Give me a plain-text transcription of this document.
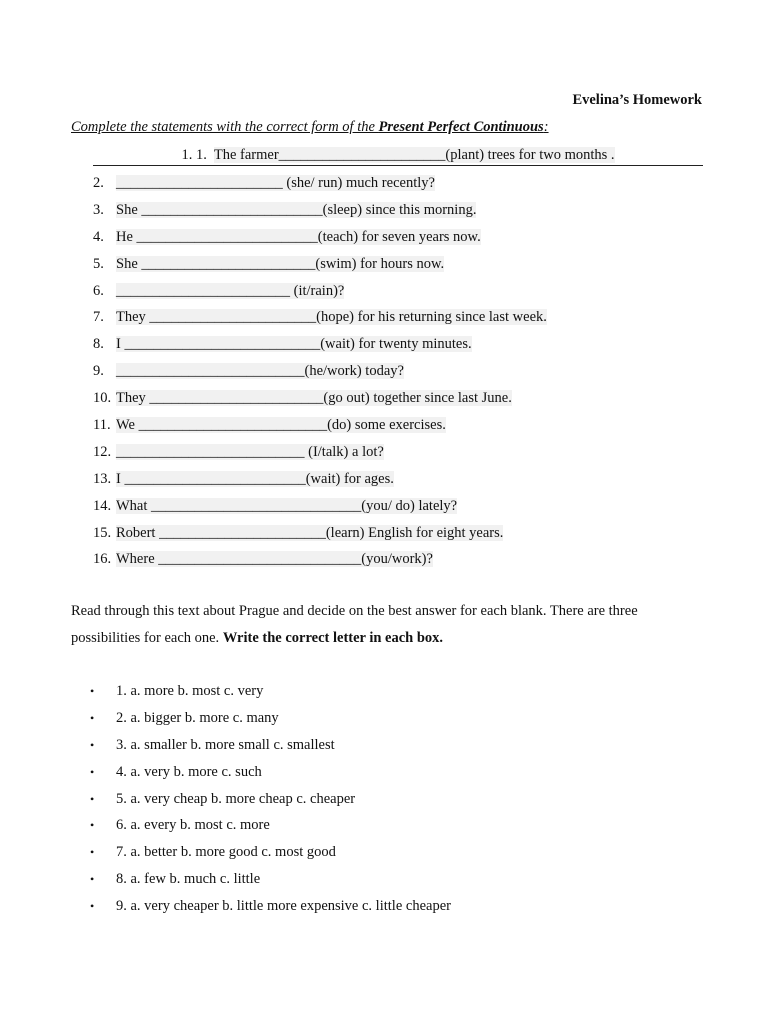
Evelina’s Homework
Complete the statements with the correct form of the Present Perfect Continuous:
1. 1. The farmer_______________________(plant) trees for two months .
2. _______________________ (she/ run) much recently?
3. She _________________________(sleep) since this morning.
4. He _________________________(teach) for seven years now.
5. She ________________________(swim) for hours now.
6. ________________________ (it/rain)?
7. They _______________________(hope) for his returning since last week.
8. I ___________________________(wait) for twenty minutes.
9. __________________________(he/work) today?
10. They ________________________(go out) together since last June.
11. We __________________________(do) some exercises.
12. __________________________ (I/talk) a lot?
13. I _________________________(wait) for ages.
14. What _____________________________(you/ do) lately?
15. Robert _______________________(learn) English for eight years.
16. Where ____________________________(you/work)?

Read through this text about Prague and decide on the best answer for each blank. There are three possibilities for each one. Write the correct letter in each box.

• 1. a. more b. most c. very
• 2. a. bigger b. more c. many
• 3. a. smaller b. more small c. smallest
• 4. a. very b. more c. such
• 5. a. very cheap b. more cheap c. cheaper
• 6. a. every b. most c. more
• 7. a. better b. more good c. most good
• 8. a. few b. much c. little
• 9. a. very cheaper b. little more expensive c. little cheaper
